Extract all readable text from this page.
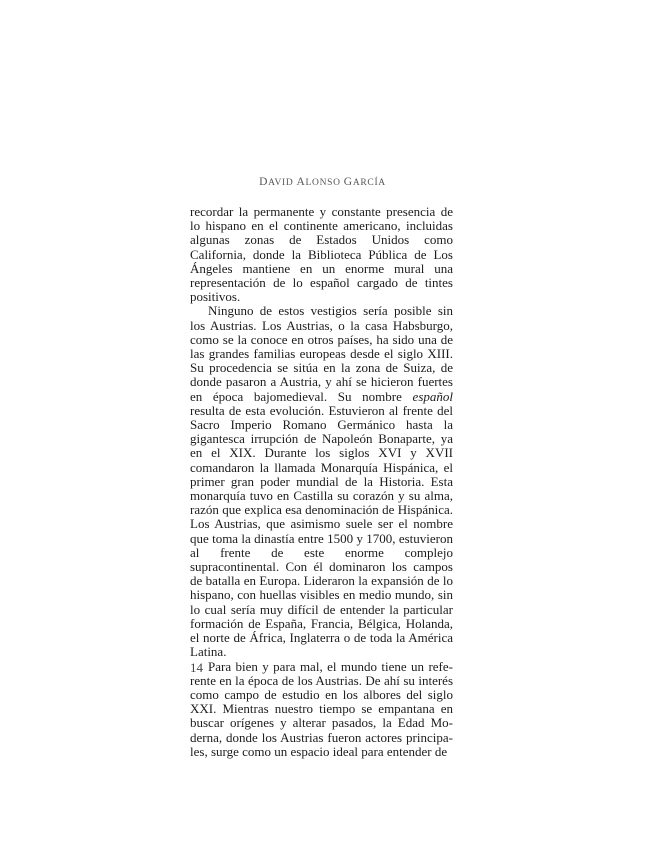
DAVID ALONSO GARCÍA

recordar la permanente y constante presencia de lo hispano en el continente americano, incluidas algunas zonas de Estados Unidos como California, donde la Biblioteca Pública de Los Ángeles mantiene en un enorme mural una representación de lo español cargado de tintes positivos.

Ninguno de estos vestigios sería posible sin los Austrias. Los Austrias, o la casa Habsburgo, como se la conoce en otros países, ha sido una de las grandes familias europeas desde el siglo XIII. Su procedencia se sitúa en la zona de Suiza, de donde pasaron a Austria, y ahí se hicieron fuertes en época bajomedieval. Su nombre español resulta de esta evolución. Estuvieron al frente del Sacro Imperio Romano Germánico hasta la gigantesca irrupción de Napoleón Bonaparte, ya en el XIX. Durante los siglos XVI y XVII comandaron la llamada Monarquía Hispánica, el primer gran poder mundial de la Historia. Esta monarquía tuvo en Castilla su corazón y su alma, razón que explica esa denominación de Hispánica. Los Austrias, que asimismo suele ser el nombre que toma la dinastía entre 1500 y 1700, estuvieron al frente de este enorme complejo supracontinental. Con él dominaron los campos de batalla en Europa. Lideraron la expansión de lo hispano, con huellas visibles en medio mundo, sin lo cual sería muy difícil de entender la particular formación de España, Francia, Bélgica, Holanda, el norte de África, Inglaterra o de toda la América Latina.

Para bien y para mal, el mundo tiene un referente en la época de los Austrias. De ahí su interés como campo de estudio en los albores del siglo XXI. Mientras nuestro tiempo se empantana en buscar orígenes y alterar pasados, la Edad Moderna, donde los Austrias fueron actores principales, surge como un espacio ideal para entender de

14
